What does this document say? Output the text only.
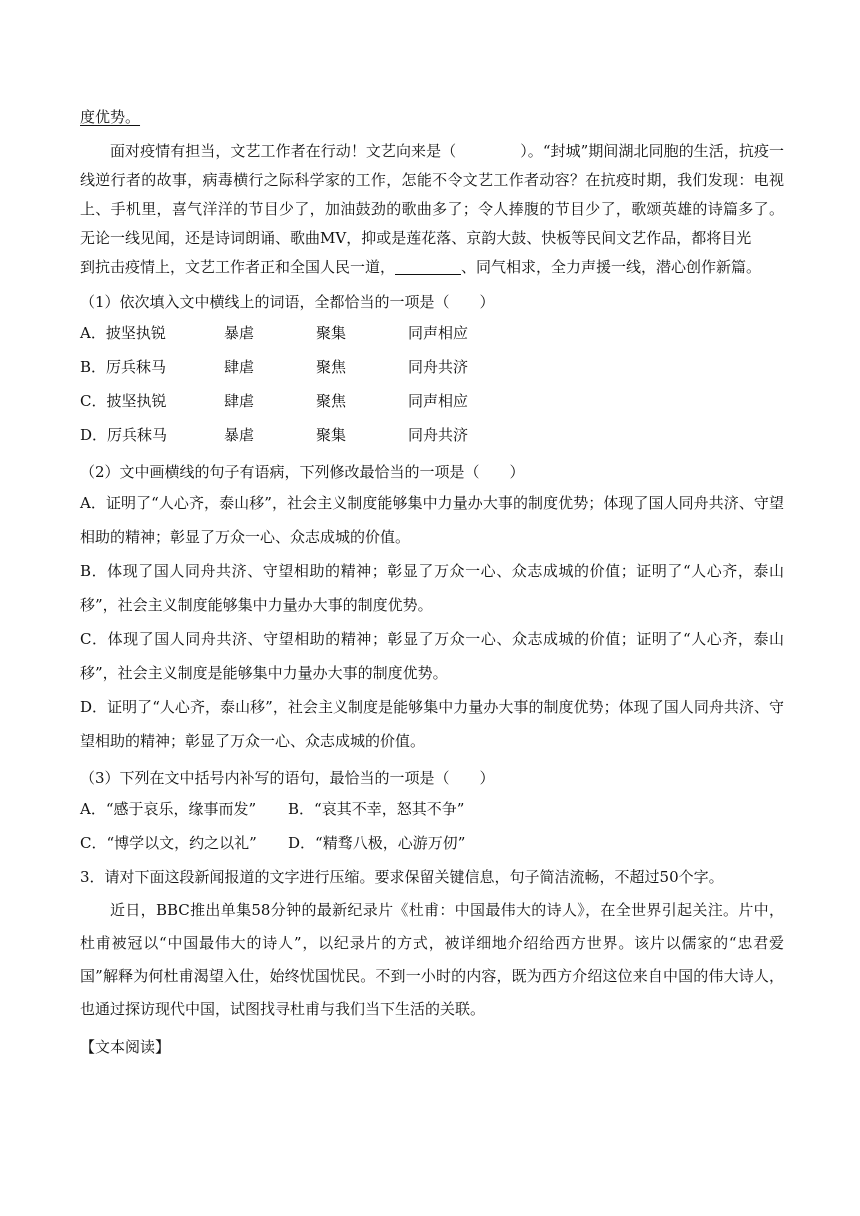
度优势。

面对疫情有担当，文艺工作者在行动！文艺向来是（	）。“封城”期间湖北同胞的生活，抗疫一线逆行者的故事，病毒横行之际科学家的工作，怎能不令文艺工作者动容？在抗疫时期，我们发现：电视上、手机里，喜气洋洋的节目少了，加油鼓劲的歌曲多了；令人捧腹的节目少了，歌颂英雄的诗篇多了。无论一线见闻，还是诗词朗诵、歌曲MV，抑或是莲花落、京韵大鼓、快板等民间文艺作品，都将目光
到抗击疫情上，文艺工作者正和全国人民一道，	、同气相求，全力声援一线，潜心创作新篇。

（1）依次填入文中横线上的词语，全都恰当的一项是（　　）

A．披坚执锐	暴虐	聚集	同声相应
B．厉兵秣马	肆虐	聚焦	同舟共济
C．披坚执锐	肆虐	聚焦	同声相应
D．厉兵秣马	暴虐	聚集	同舟共济

（2）文中画横线的句子有语病，下列修改最恰当的一项是（　　）

A．证明了“人心齐，泰山移”，社会主义制度能够集中力量办大事的制度优势；体现了国人同舟共济、守望相助的精神；彰显了万众一心、众志成城的价值。

B．体现了国人同舟共济、守望相助的精神；彰显了万众一心、众志成城的价值；证明了“人心齐，泰山移”，社会主义制度能够集中力量办大事的制度优势。

C．体现了国人同舟共济、守望相助的精神；彰显了万众一心、众志成城的价值；证明了“人心齐，泰山移”，社会主义制度是能够集中力量办大事的制度优势。

D．证明了“人心齐，泰山移”，社会主义制度是能够集中力量办大事的制度优势；体现了国人同舟共济、守望相助的精神；彰显了万众一心、众志成城的价值。

（3）下列在文中括号内补写的语句，最恰当的一项是（　　）

A．“感于哀乐，缘事而发”	B．“哀其不幸，怒其不争”
C．“博学以文，约之以礼”	D．“精骛八极，心游万仞”

3．请对下面这段新闻报道的文字进行压缩。要求保留关键信息，句子简洁流畅，不超过50个字。

近日，BBC推出单集58分钟的最新纪录片《杜甫：中国最伟大的诗人》，在全世界引起关注。片中，杜甫被冠以“中国最伟大的诗人”，以纪录片的方式，被详细地介绍给西方世界。该片以儒家的“忠君爱国”解释为何杜甫渴望入仕，始终忧国忧民。不到一小时的内容，既为西方介绍这位来自中国的伟大诗人，也通过探访现代中国，试图找寻杜甫与我们当下生活的关联。

【文本阅读】
